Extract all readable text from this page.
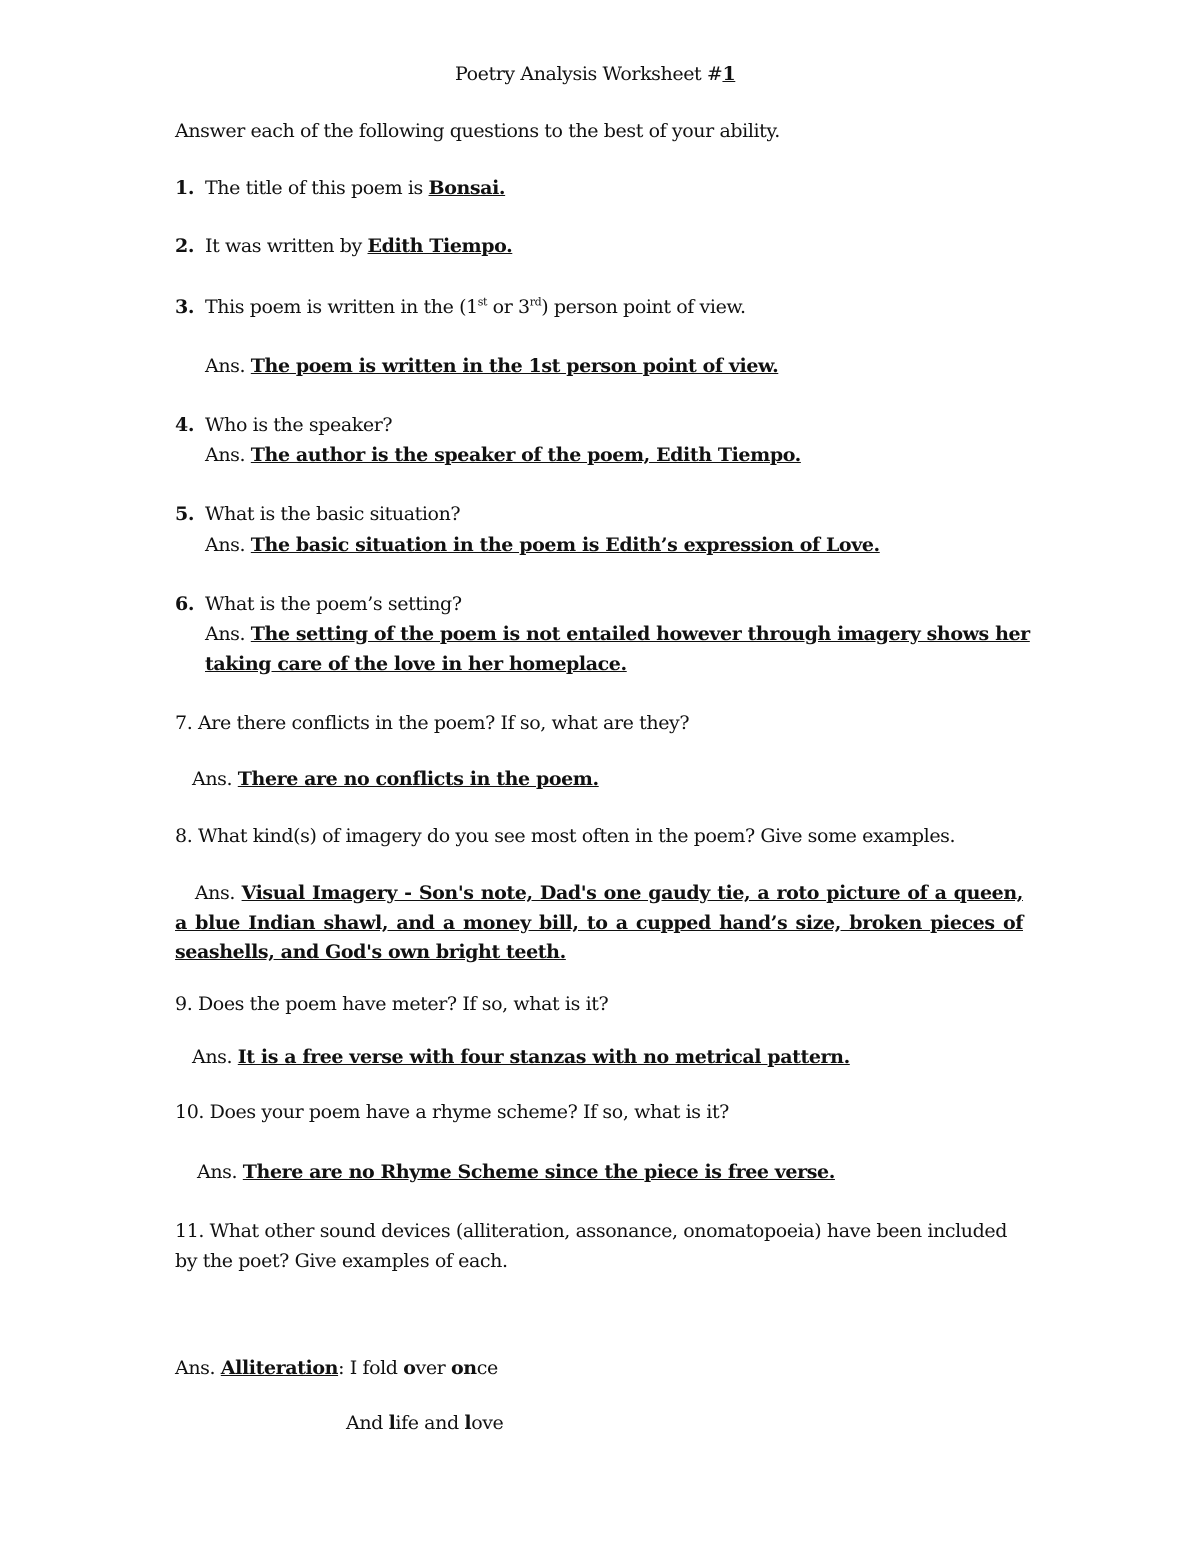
Poetry Analysis Worksheet #1
Answer each of the following questions to the best of your ability.
1. The title of this poem is Bonsai.
2. It was written by Edith Tiempo.
3. This poem is written in the (1st or 3rd) person point of view.
Ans. The poem is written in the 1st person point of view.
4. Who is the speaker?
Ans. The author is the speaker of the poem, Edith Tiempo.
5. What is the basic situation?
Ans. The basic situation in the poem is Edith’s expression of Love.
6. What is the poem’s setting?
Ans. The setting of the poem is not entailed however through imagery shows her
taking care of the love in her homeplace.
7. Are there conflicts in the poem? If so, what are they?
Ans. There are no conflicts in the poem.
8. What kind(s) of imagery do you see most often in the poem? Give some examples.
Ans. Visual Imagery - Son's note, Dad's one gaudy tie, a roto picture of a queen, a blue Indian shawl, and a money bill, to a cupped hand’s size, broken pieces of seashells, and God's own bright teeth.
9. Does the poem have meter? If so, what is it?
Ans. It is a free verse with four stanzas with no metrical pattern.
10. Does your poem have a rhyme scheme? If so, what is it?
Ans. There are no Rhyme Scheme since the piece is free verse.
11. What other sound devices (alliteration, assonance, onomatopoeia) have been included
by the poet? Give examples of each.
Ans. Alliteration: I fold over once
And life and love
